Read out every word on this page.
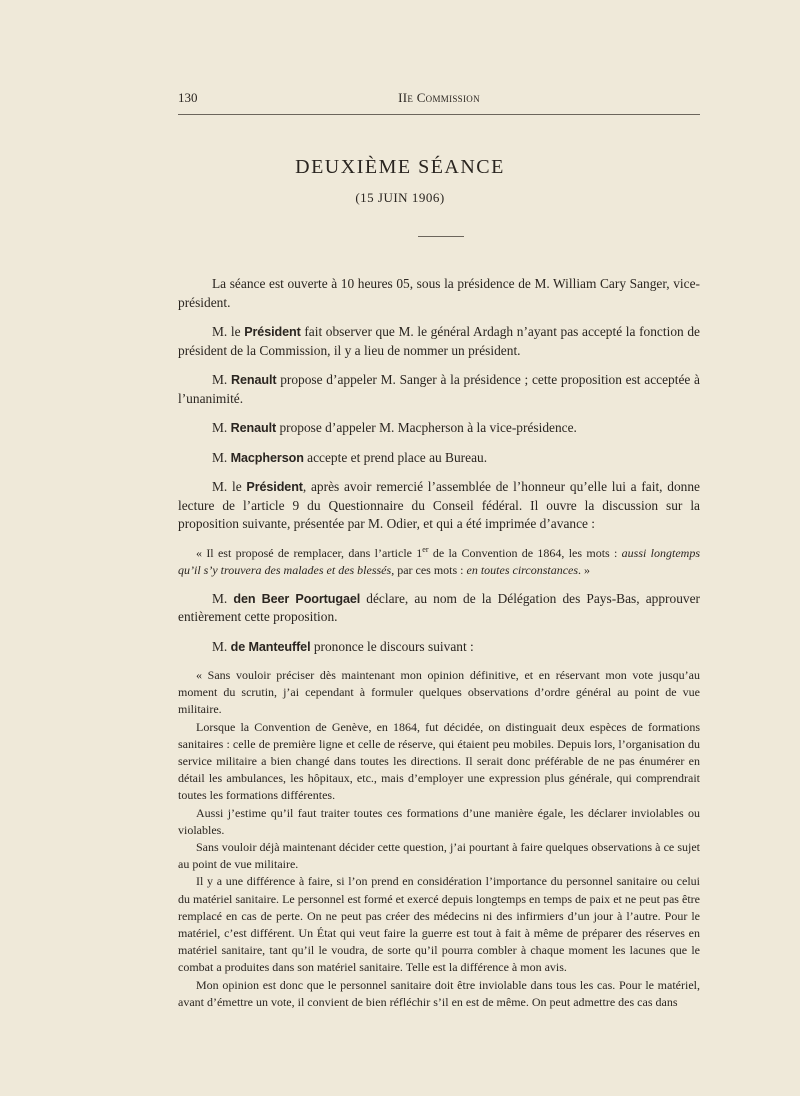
130	IIe Commission
DEUXIÈME SÉANCE
(15 JUIN 1906)

La séance est ouverte à 10 heures 05, sous la présidence de M. William Cary Sanger, vice-président.

M. le Président fait observer que M. le général Ardagh n’ayant pas accepté la fonction de président de la Commission, il y a lieu de nommer un président.

M. Renault propose d’appeler M. Sanger à la présidence ; cette proposition est acceptée à l’unanimité.

M. Renault propose d’appeler M. Macpherson à la vice-présidence.

M. Macpherson accepte et prend place au Bureau.

M. le Président, après avoir remercié l’assemblée de l’honneur qu’elle lui a fait, donne lecture de l’article 9 du Questionnaire du Conseil fédéral. Il ouvre la discussion sur la proposition suivante, présentée par M. Odier, et qui a été imprimée d’avance :

« Il est proposé de remplacer, dans l’article 1er de la Convention de 1864, les mots : aussi longtemps qu’il s’y trouvera des malades et des blessés, par ces mots : en toutes circonstances. »

M. den Beer Poortugael déclare, au nom de la Délégation des Pays-Bas, approuver entièrement cette proposition.

M. de Manteuffel prononce le discours suivant :

« Sans vouloir préciser dès maintenant mon opinion définitive, et en réservant mon vote jusqu’au moment du scrutin, j’ai cependant à formuler quelques observations d’ordre général au point de vue militaire.

Lorsque la Convention de Genève, en 1864, fut décidée, on distinguait deux espèces de formations sanitaires : celle de première ligne et celle de réserve, qui étaient peu mobiles. Depuis lors, l’organisation du service militaire a bien changé dans toutes les directions. Il serait donc préférable de ne pas énumérer en détail les ambulances, les hôpitaux, etc., mais d’employer une expression plus générale, qui comprendrait toutes les formations différentes.

Aussi j’estime qu’il faut traiter toutes ces formations d’une manière égale, les déclarer inviolables ou violables.

Sans vouloir déjà maintenant décider cette question, j’ai pourtant à faire quelques observations à ce sujet au point de vue militaire.

Il y a une différence à faire, si l’on prend en considération l’importance du personnel sanitaire ou celui du matériel sanitaire. Le personnel est formé et exercé depuis longtemps en temps de paix et ne peut pas être remplacé en cas de perte. On ne peut pas créer des médecins ni des infirmiers d’un jour à l’autre. Pour le matériel, c’est différent. Un État qui veut faire la guerre est tout à fait à même de préparer des réserves en matériel sanitaire, tant qu’il le voudra, de sorte qu’il pourra combler à chaque moment les lacunes que le combat a produites dans son matériel sanitaire. Telle est la différence à mon avis.

Mon opinion est donc que le personnel sanitaire doit être inviolable dans tous les cas. Pour le matériel, avant d’émettre un vote, il convient de bien réfléchir s’il en est de même. On peut admettre des cas dans
